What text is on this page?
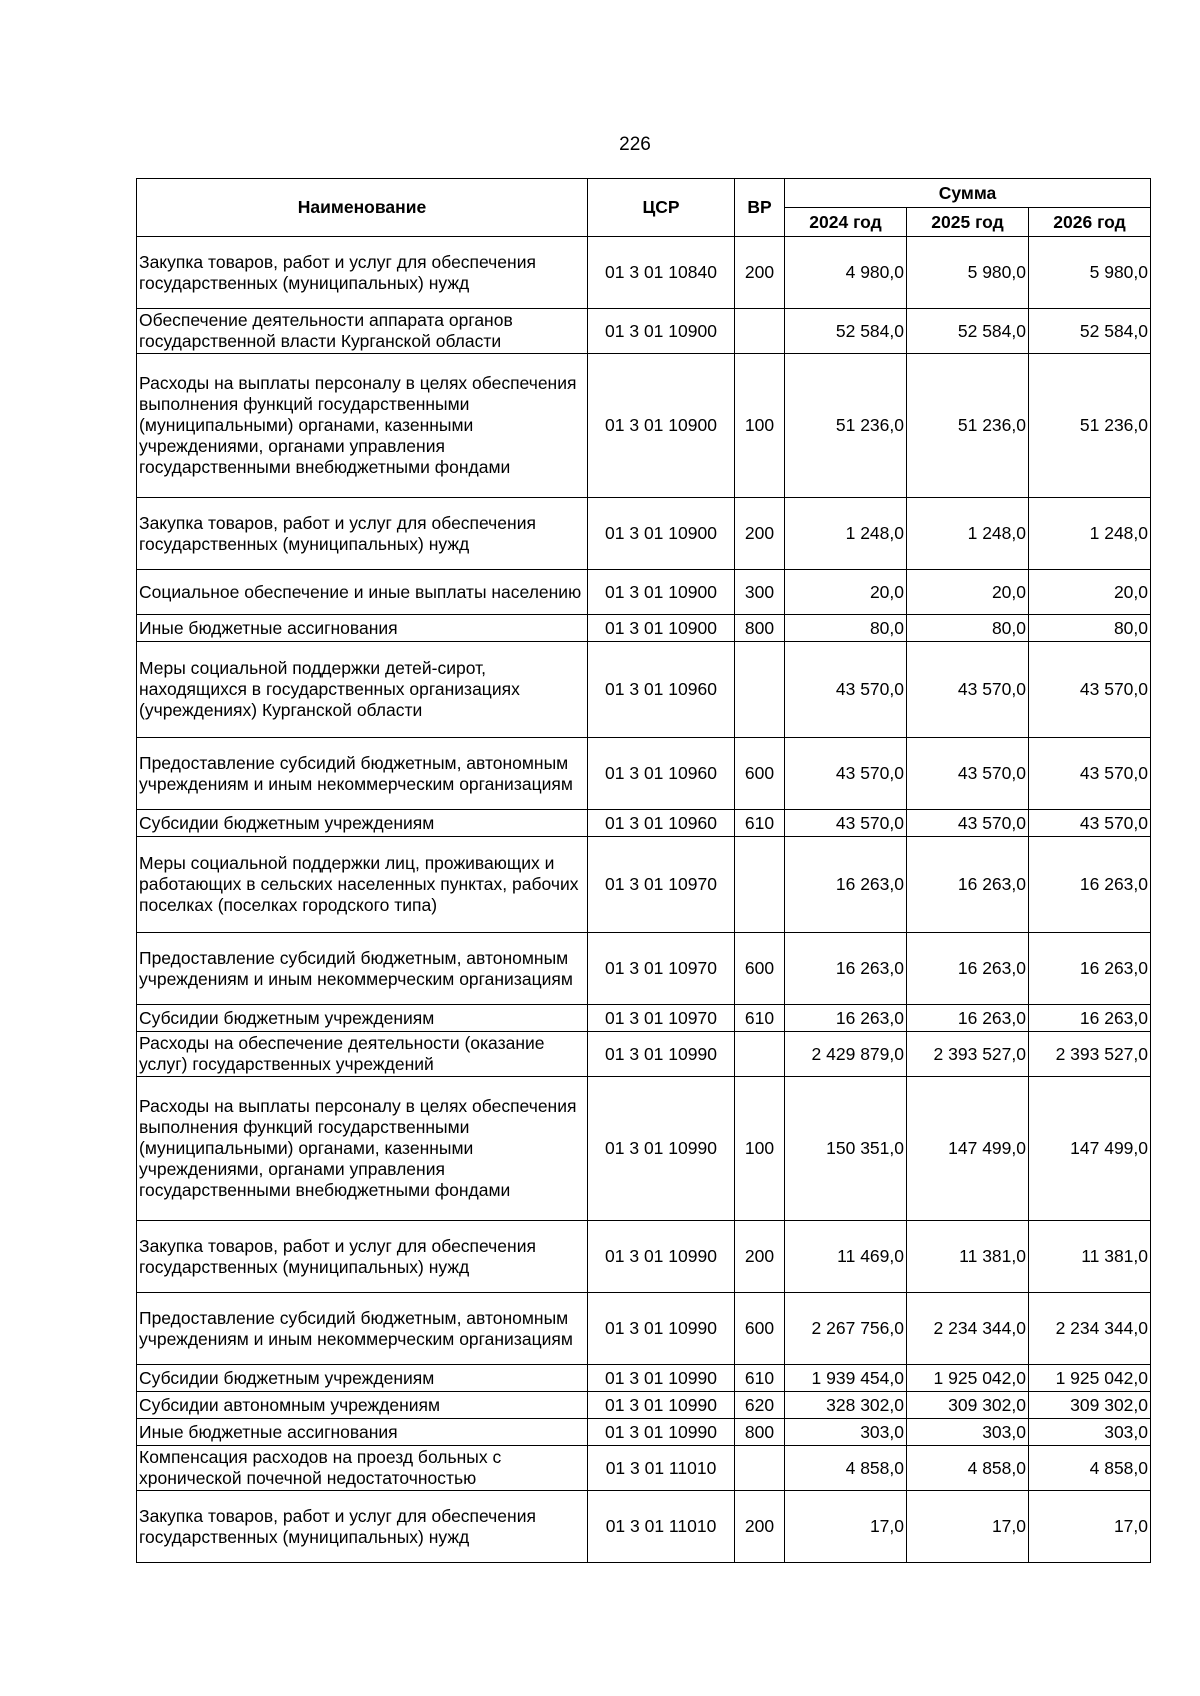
226
Наименование	ЦСР	ВР	Сумма		
			2024 год	2025 год	2026 год
Закупка товаров, работ и услуг для обеспечения государственных (муниципальных) нужд	01 3 01 10840	200	4 980,0	5 980,0	5 980,0
Обеспечение деятельности аппарата органов государственной власти Курганской области	01 3 01 10900		52 584,0	52 584,0	52 584,0
Расходы на выплаты персоналу в целях обеспечения выполнения функций государственными (муниципальными) органами, казенными учреждениями, органами управления государственными внебюджетными фондами	01 3 01 10900	100	51 236,0	51 236,0	51 236,0
Закупка товаров, работ и услуг для обеспечения государственных (муниципальных) нужд	01 3 01 10900	200	1 248,0	1 248,0	1 248,0
Социальное обеспечение и иные выплаты населению	01 3 01 10900	300	20,0	20,0	20,0
Иные бюджетные ассигнования	01 3 01 10900	800	80,0	80,0	80,0
Меры социальной поддержки детей-сирот, находящихся в государственных организациях (учреждениях) Курганской области	01 3 01 10960		43 570,0	43 570,0	43 570,0
Предоставление субсидий бюджетным, автономным учреждениям и иным некоммерческим организациям	01 3 01 10960	600	43 570,0	43 570,0	43 570,0
Субсидии бюджетным учреждениям	01 3 01 10960	610	43 570,0	43 570,0	43 570,0
Меры социальной поддержки лиц, проживающих и работающих в сельских населенных пунктах, рабочих поселках (поселках городского типа)	01 3 01 10970		16 263,0	16 263,0	16 263,0
Предоставление субсидий бюджетным, автономным учреждениям и иным некоммерческим организациям	01 3 01 10970	600	16 263,0	16 263,0	16 263,0
Субсидии бюджетным учреждениям	01 3 01 10970	610	16 263,0	16 263,0	16 263,0
Расходы на обеспечение деятельности (оказание услуг) государственных учреждений	01 3 01 10990		2 429 879,0	2 393 527,0	2 393 527,0
Расходы на выплаты персоналу в целях обеспечения выполнения функций государственными (муниципальными) органами, казенными учреждениями, органами управления государственными внебюджетными фондами	01 3 01 10990	100	150 351,0	147 499,0	147 499,0
Закупка товаров, работ и услуг для обеспечения государственных (муниципальных) нужд	01 3 01 10990	200	11 469,0	11 381,0	11 381,0
Предоставление субсидий бюджетным, автономным учреждениям и иным некоммерческим организациям	01 3 01 10990	600	2 267 756,0	2 234 344,0	2 234 344,0
Субсидии бюджетным учреждениям	01 3 01 10990	610	1 939 454,0	1 925 042,0	1 925 042,0
Субсидии автономным учреждениям	01 3 01 10990	620	328 302,0	309 302,0	309 302,0
Иные бюджетные ассигнования	01 3 01 10990	800	303,0	303,0	303,0
Компенсация расходов на проезд больных с хронической почечной недостаточностью	01 3 01 11010		4 858,0	4 858,0	4 858,0
Закупка товаров, работ и услуг для обеспечения государственных (муниципальных) нужд	01 3 01 11010	200	17,0	17,0	17,0
